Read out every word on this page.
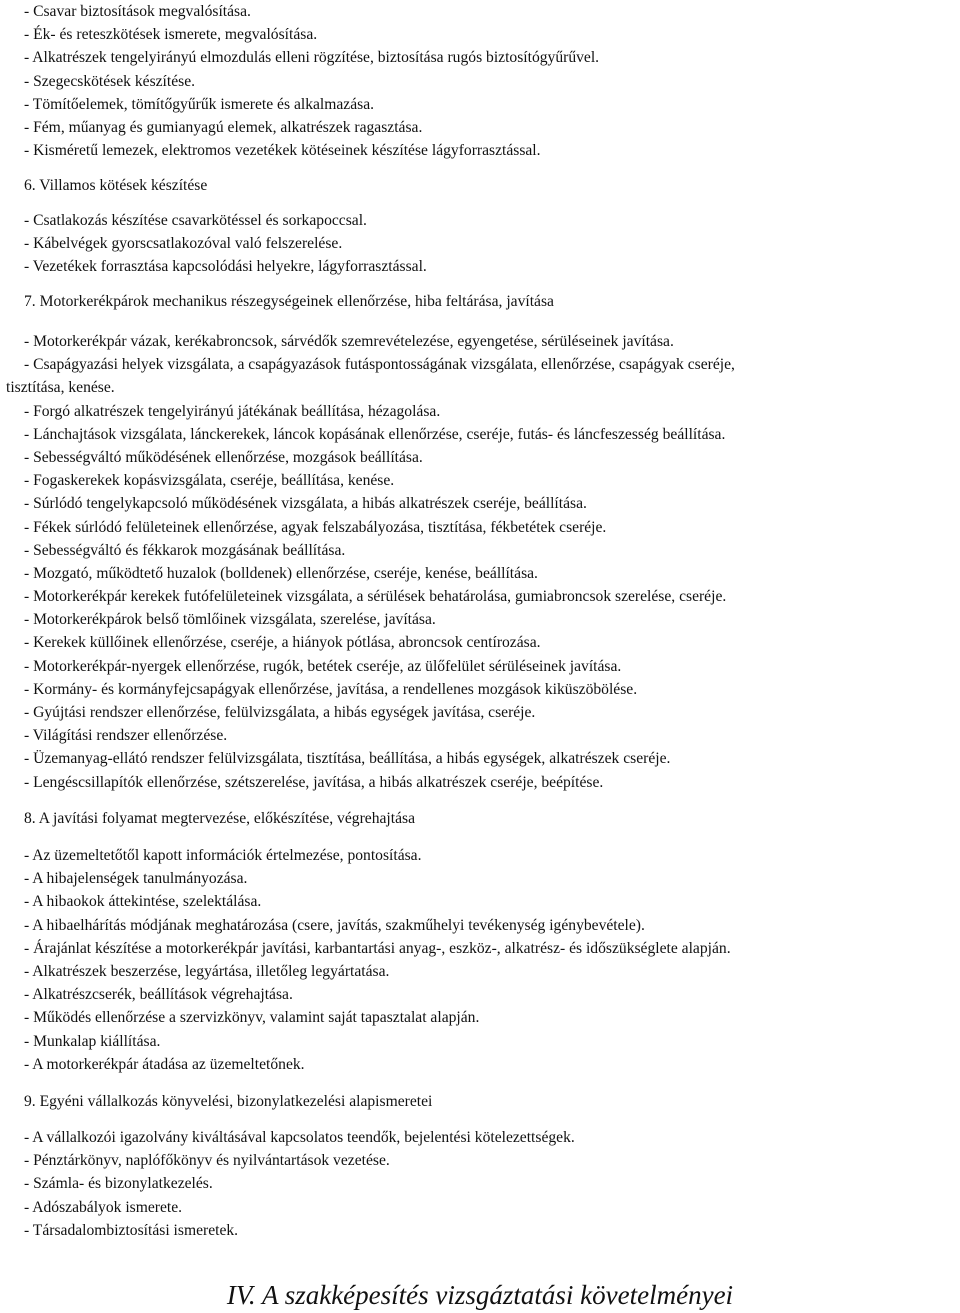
- Csavar biztosítások megvalósítása.
- Ék- és reteszkötések ismerete, megvalósítása.
- Alkatrészek tengelyirányú elmozdulás elleni rögzítése, biztosítása rugós biztosítógyűrűvel.
- Szegecskötések készítése.
- Tömítőelemek, tömítőgyűrűk ismerete és alkalmazása.
- Fém, műanyag és gumianyagú elemek, alkatrészek ragasztása.
- Kisméretű lemezek, elektromos vezetékek kötéseinek készítése lágyforrasztással.
6. Villamos kötések készítése
- Csatlakozás készítése csavarkötéssel és sorkapoccsal.
- Kábelvégek gyorscsatlakozóval való felszerelése.
- Vezetékek forrasztása kapcsolódási helyekre, lágyforrasztással.
7. Motorkerékpárok mechanikus részegységeinek ellenőrzése, hiba feltárása, javítása
- Motorkerékpár vázak, kerékabroncsok, sárvédők szemrevételezése, egyengetése, sérüléseinek javítása.
- Csapágyazási helyek vizsgálata, a csapágyazások futáspontosságának vizsgálata, ellenőrzése, csapágyak cseréje,
tisztítása, kenése.
- Forgó alkatrészek tengelyirányú játékának beállítása, hézagolása.
- Lánchajtások vizsgálata, lánckerekek, láncok kopásának ellenőrzése, cseréje, futás- és láncfeszesség beállítása.
- Sebességváltó működésének ellenőrzése, mozgások beállítása.
- Fogaskerekek kopásvizsgálata, cseréje, beállítása, kenése.
- Súrlódó tengelykapcsoló működésének vizsgálata, a hibás alkatrészek cseréje, beállítása.
- Fékek súrlódó felületeinek ellenőrzése, agyak felszabályozása, tisztítása, fékbetétek cseréje.
- Sebességváltó és fékkarok mozgásának beállítása.
- Mozgató, működtető huzalok (bolldenek) ellenőrzése, cseréje, kenése, beállítása.
- Motorkerékpár kerekek futófelületeinek vizsgálata, a sérülések behatárolása, gumiabroncsok szerelése, cseréje.
- Motorkerékpárok belső tömlőinek vizsgálata, szerelése, javítása.
- Kerekek küllőinek ellenőrzése, cseréje, a hiányok pótlása, abroncsok centírozása.
- Motorkerékpár-nyergek ellenőrzése, rugók, betétek cseréje, az ülőfelület sérüléseinek javítása.
- Kormány- és kormányfejcsapágyak ellenőrzése, javítása, a rendellenes mozgások kiküszöbölése.
- Gyújtási rendszer ellenőrzése, felülvizsgálata, a hibás egységek javítása, cseréje.
- Világítási rendszer ellenőrzése.
- Üzemanyag-ellátó rendszer felülvizsgálata, tisztítása, beállítása, a hibás egységek, alkatrészek cseréje.
- Lengéscsillapítók ellenőrzése, szétszerelése, javítása, a hibás alkatrészek cseréje, beépítése.
8. A javítási folyamat megtervezése, előkészítése, végrehajtása
- Az üzemeltetőtől kapott információk értelmezése, pontosítása.
- A hibajelenségek tanulmányozása.
- A hibaokok áttekintése, szelektálása.
- A hibaelhárítás módjának meghatározása (csere, javítás, szakműhelyi tevékenység igénybevétele).
- Árajánlat készítése a motorkerékpár javítási, karbantartási anyag-, eszköz-, alkatrész- és időszükséglete alapján.
- Alkatrészek beszerzése, legyártása, illetőleg legyártatása.
- Alkatrészcserék, beállítások végrehajtása.
- Működés ellenőrzése a szervizkönyv, valamint saját tapasztalat alapján.
- Munkalap kiállítása.
- A motorkerékpár átadása az üzemeltetőnek.
9. Egyéni vállalkozás könyvelési, bizonylatkezelési alapismeretei
- A vállalkozói igazolvány kiváltásával kapcsolatos teendők, bejelentési kötelezettségek.
- Pénztárkönyv, naplófőkönyv és nyilvántartások vezetése.
- Számla- és bizonylatkezelés.
- Adószabályok ismerete.
- Társadalombiztosítási ismeretek.
IV. A szakképesítés vizsgáztatási követelményei
